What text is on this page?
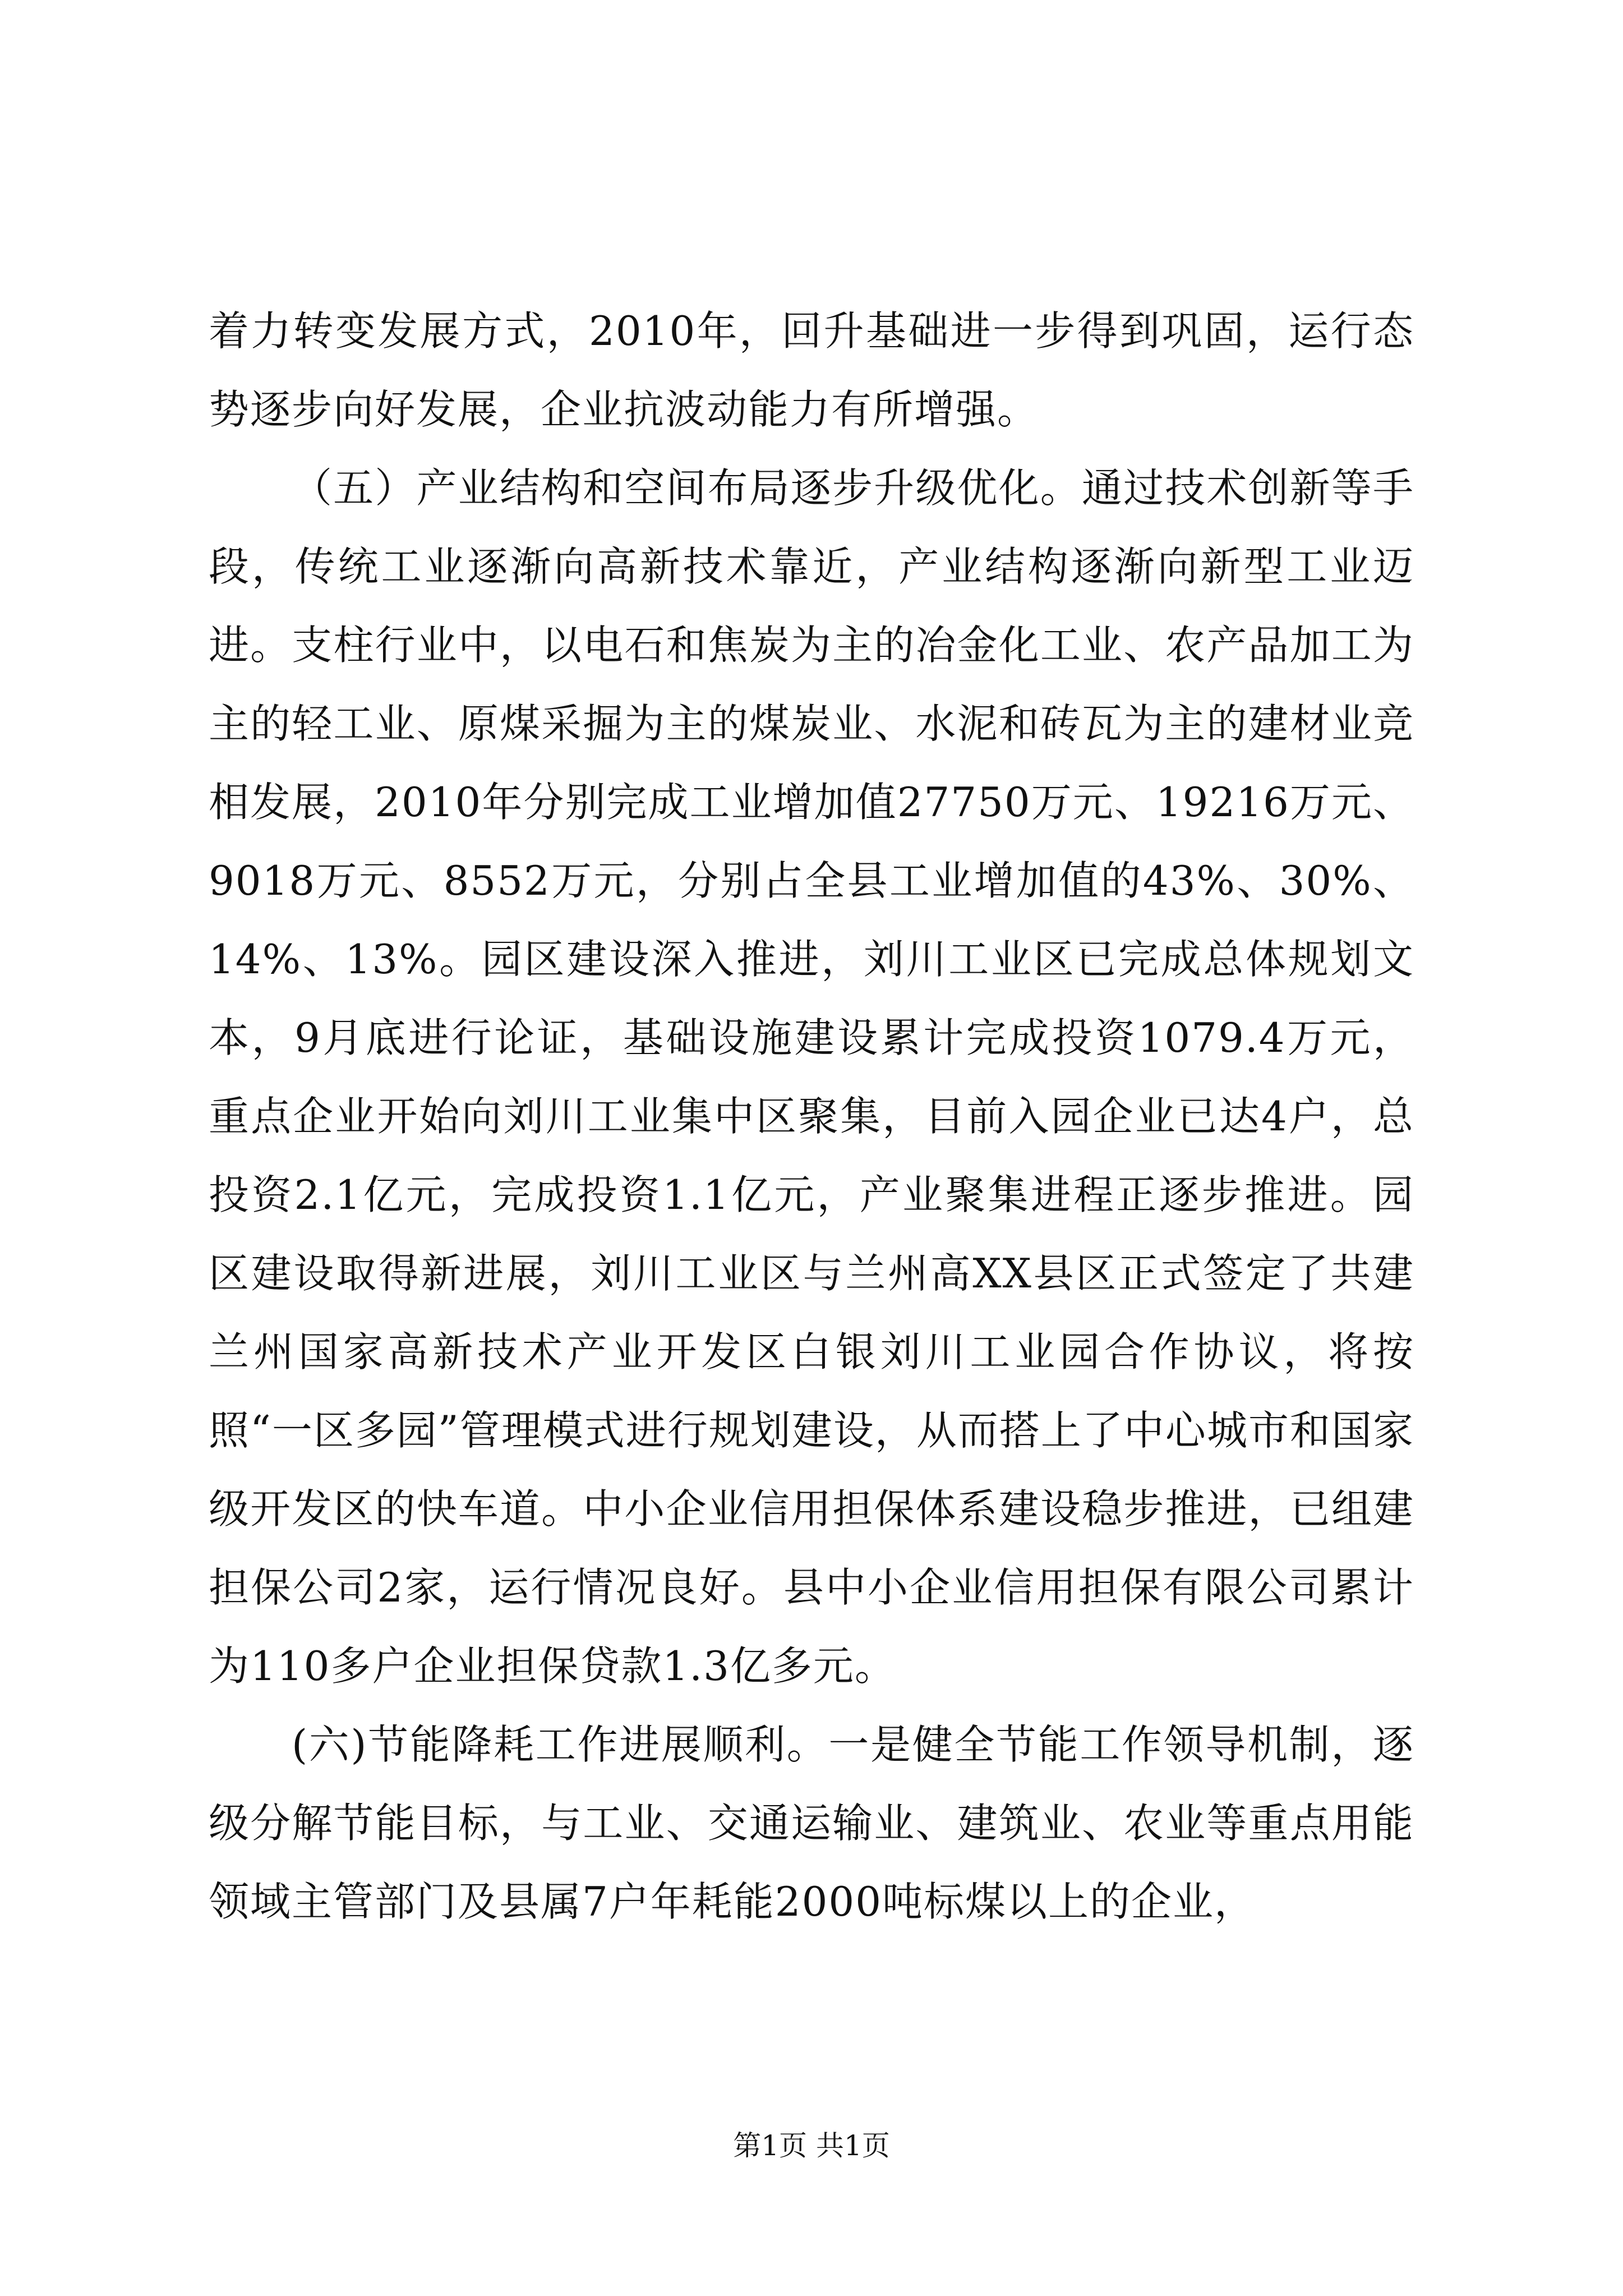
着力转变发展方式，2010年，回升基础进一步得到巩固，运行态势逐步向好发展，企业抗波动能力有所增强。

（五）产业结构和空间布局逐步升级优化。通过技术创新等手段，传统工业逐渐向高新技术靠近，产业结构逐渐向新型工业迈进。支柱行业中，以电石和焦炭为主的冶金化工业、农产品加工为主的轻工业、原煤采掘为主的煤炭业、水泥和砖瓦为主的建材业竞相发展，2010年分别完成工业增加值27750万元、19216万元、9018万元、8552万元，分别占全县工业增加值的43%、30%、14%、13%。园区建设深入推进，刘川工业区已完成总体规划文本，9月底进行论证，基础设施建设累计完成投资1079.4万元，重点企业开始向刘川工业集中区聚集，目前入园企业已达4户，总投资2.1亿元，完成投资1.1亿元，产业聚集进程正逐步推进。园区建设取得新进展，刘川工业区与兰州高XX县区正式签定了共建兰州国家高新技术产业开发区白银刘川工业园合作协议，将按照“一区多园”管理模式进行规划建设，从而搭上了中心城市和国家级开发区的快车道。中小企业信用担保体系建设稳步推进，已组建担保公司2家，运行情况良好。县中小企业信用担保有限公司累计为110多户企业担保贷款1.3亿多元。

(六)节能降耗工作进展顺利。一是健全节能工作领导机制，逐级分解节能目标，与工业、交通运输业、建筑业、农业等重点用能领域主管部门及县属7户年耗能2000吨标煤以上的企业，

第1页 共1页
